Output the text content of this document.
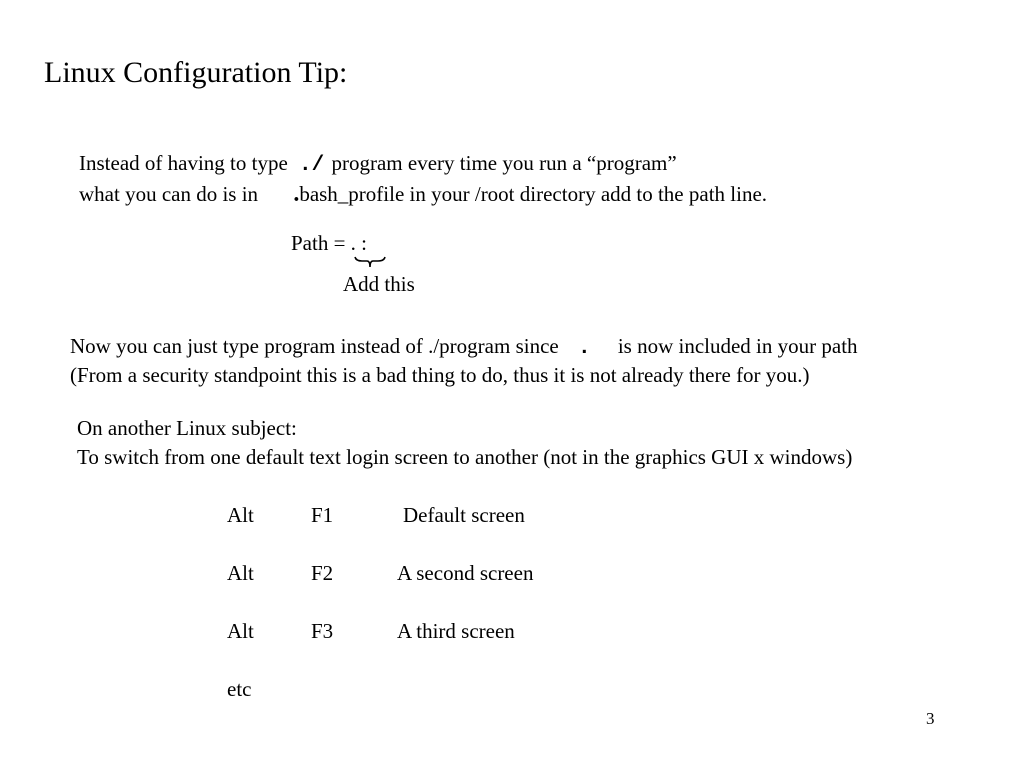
Linux Configuration Tip:
Instead of having to type ./ program every time you run a “program”
what you can do is in .bash_profile in your /root directory add to the path line.
Path = . :
Add this
Now you can just type program instead of ./program since . is now included in your path
(From a security standpoint this is a bad thing to do, thus it is not already there for you.)
On another Linux subject:
To switch from one default text login screen to another (not in the graphics GUI x windows)
Alt	F1	Default screen
Alt	F2	A second screen
Alt	F3	A third screen
etc
3
